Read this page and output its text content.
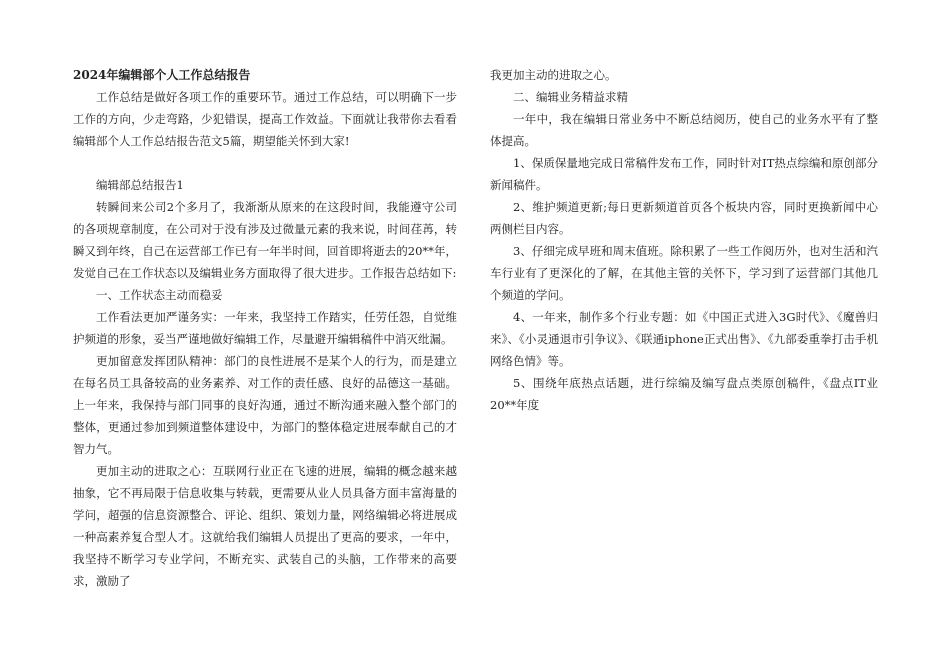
2024年编辑部个人工作总结报告

工作总结是做好各项工作的重要环节。通过工作总结，可以明确下一步工作的方向，少走弯路，少犯错误，提高工作效益。下面就让我带你去看看编辑部个人工作总结报告范文5篇，期望能关怀到大家!

编辑部总结报告1

转瞬间来公司2个多月了，我渐渐从原来的在这段时间，我能遵守公司的各项规章制度，在公司对于没有涉及过微量元素的我来说，时间荏苒，转瞬又到年终，自己在运营部工作已有一年半时间，回首即将逝去的20**年，发觉自己在工作状态以及编辑业务方面取得了很大进步。工作报告总结如下:

一、工作状态主动而稳妥

工作看法更加严谨务实：一年来，我坚持工作踏实，任劳任怨，自觉维护频道的形象，妥当严谨地做好编辑工作，尽量避开编辑稿件中消灭纰漏。

更加留意发挥团队精神：部门的良性进展不是某个人的行为，而是建立在每名员工具备较高的业务素养、对工作的责任感、良好的品德这一基础。上一年来，我保持与部门同事的良好沟通，通过不断沟通来融入整个部门的整体，更通过参加到频道整体建设中，为部门的整体稳定进展奉献自己的才智力气。

更加主动的进取之心：互联网行业正在飞速的进展，编辑的概念越来越抽象，它不再局限于信息收集与转载，更需要从业人员具备方面丰富海量的学问，超强的信息资源整合、评论、组织、策划力量，网络编辑必将进展成一种高素养复合型人才。这就给我们编辑人员提出了更高的要求，一年中，我坚持不断学习专业学问，不断充实、武装自己的头脑，工作带来的高要求，激励了

我更加主动的进取之心。

二、编辑业务精益求精

一年中，我在编辑日常业务中不断总结阅历，使自己的业务水平有了整体提高。

1、保质保量地完成日常稿件发布工作，同时针对IT热点综编和原创部分新闻稿件。

2、维护频道更新;每日更新频道首页各个板块内容，同时更换新闻中心两侧栏目内容。

3、仔细完成早班和周末值班。除积累了一些工作阅历外，也对生活和汽车行业有了更深化的了解，在其他主管的关怀下，学习到了运营部门其他几个频道的学问。

4、一年来，制作多个行业专题：如《中国正式进入3G时代》、《魔兽归来》、《小灵通退市引争议》、《联通iphone正式出售》、《九部委重拳打击手机网络色情》等。

5、围绕年底热点话题，进行综编及编写盘点类原创稿件，《盘点IT业20**年度
